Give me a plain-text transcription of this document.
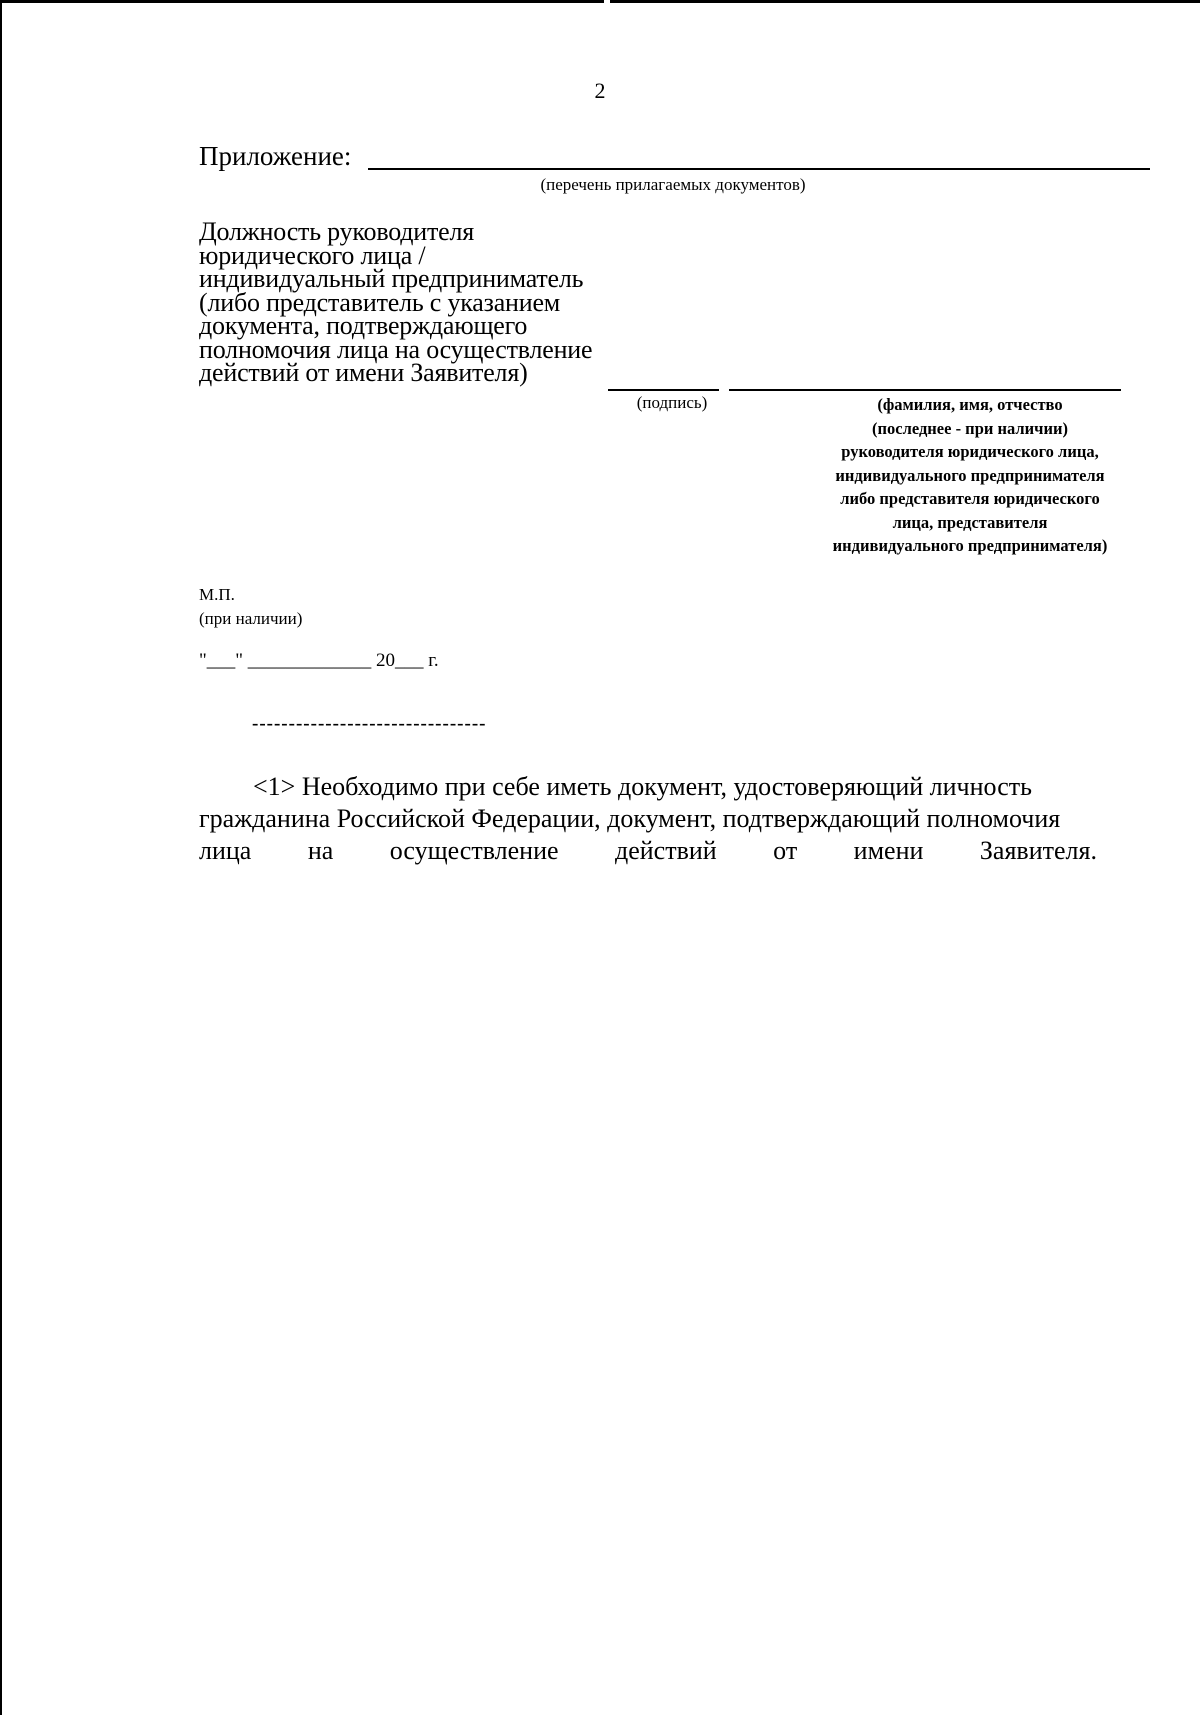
2
Приложение:
(перечень прилагаемых документов)
Должность руководителя
юридического лица /
индивидуальный предприниматель
(либо представитель с указанием
документа, подтверждающего
полномочия лица на осуществление
действий от имени Заявителя)
(подпись)	(фамилия, имя, отчество
(последнее - при наличии)
руководителя юридического лица,
индивидуального предпринимателя
либо представителя юридического
лица, представителя
индивидуального предпринимателя)
М.П.
(при наличии)
"___" _____________ 20___ г.
--------------------------------
<1> Необходимо при себе иметь документ, удостоверяющий личность
гражданина Российской Федерации, документ, подтверждающий полномочия
лица на осуществление действий от имени Заявителя.
